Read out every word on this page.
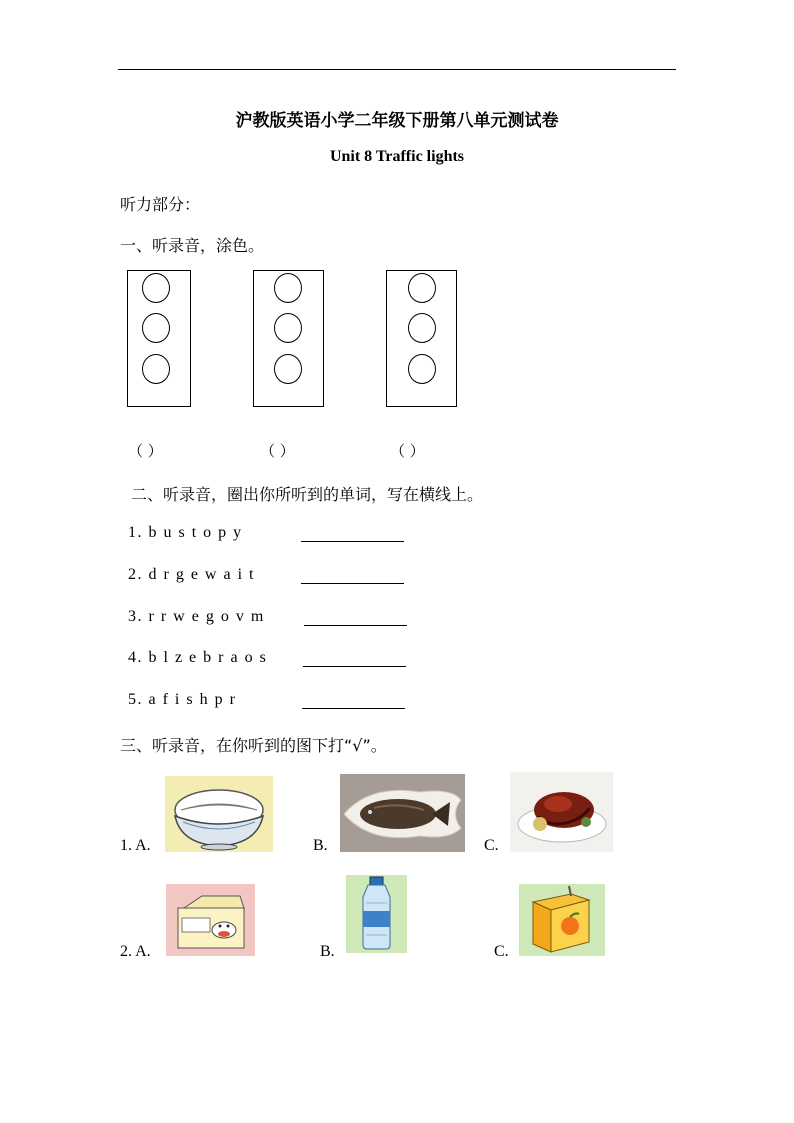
沪教版英语小学二年级下册第八单元测试卷
Unit 8 Traffic lights
听力部分：
一、听录音，涂色。
（ ）	（ ）	（ ）
二、听录音，圈出你所听到的单词，写在横线上。
1. b u s t o p y
2. d r g e w a i t
3. r r w e g o v m
4. b l z e b r a o s
5. a f i s h p r
三、听录音，在你听到的图下打“√”。
1. A.	B.	C.
2. A.	B.	C.
